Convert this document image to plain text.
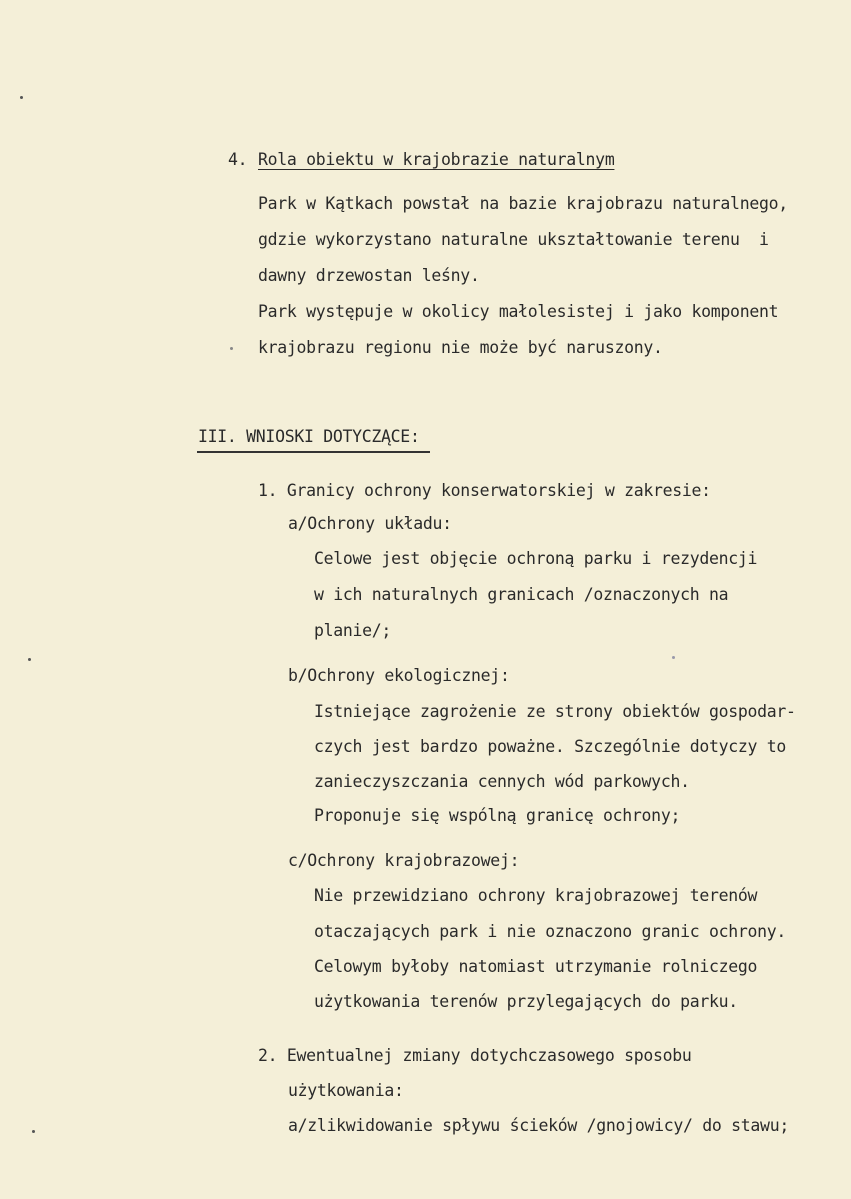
4. Rola obiektu w krajobrazie naturalnym
Park w Kątkach powstał na bazie krajobrazu naturalnego,
gdzie wykorzystano naturalne ukształtowanie terenu  i
dawny drzewostan leśny.
Park występuje w okolicy małolesistej i jako komponent
krajobrazu regionu nie może być naruszony.
III. WNIOSKI DOTYCZĄCE:
1. Granicy ochrony konserwatorskiej w zakresie:
a/Ochrony układu:
Celowe jest objęcie ochroną parku i rezydencji
w ich naturalnych granicach /oznaczonych na
planie/;
b/Ochrony ekologicznej:
Istniejące zagrożenie ze strony obiektów gospodar-
czych jest bardzo poważne. Szczególnie dotyczy to
zanieczyszczania cennych wód parkowych.
Proponuje się wspólną granicę ochrony;
c/Ochrony krajobrazowej:
Nie przewidziano ochrony krajobrazowej terenów
otaczających park i nie oznaczono granic ochrony.
Celowym byłoby natomiast utrzymanie rolniczego
użytkowania terenów przylegających do parku.
2. Ewentualnej zmiany dotychczasowego sposobu
użytkowania:
a/zlikwidowanie spływu ścieków /gnojowicy/ do stawu;
